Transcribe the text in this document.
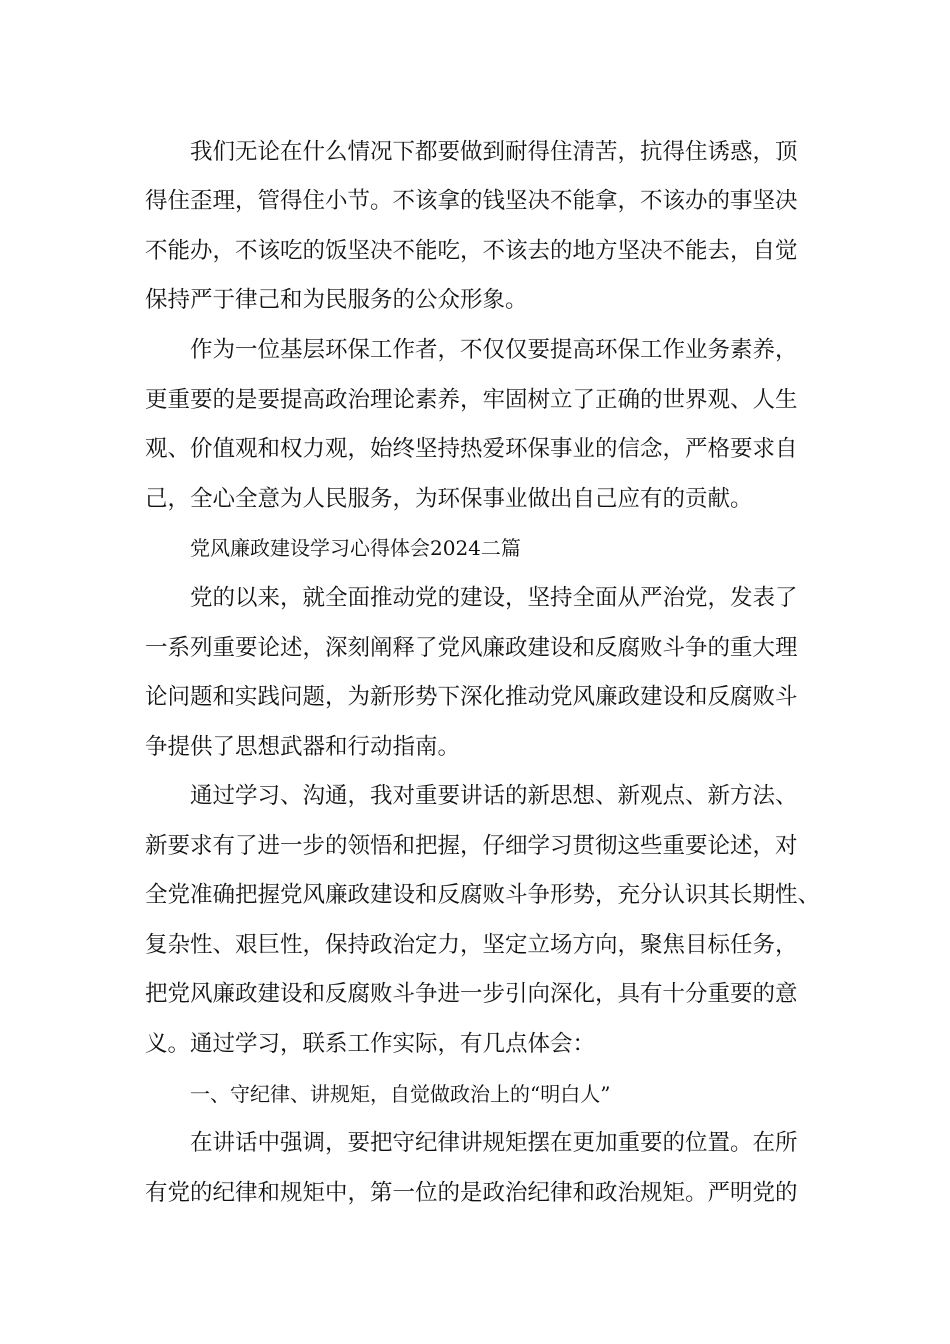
我们无论在什么情况下都要做到耐得住清苦，抗得住诱惑，顶
得住歪理，管得住小节。不该拿的钱坚决不能拿，不该办的事坚决
不能办，不该吃的饭坚决不能吃，不该去的地方坚决不能去，自觉
保持严于律己和为民服务的公众形象。
作为一位基层环保工作者，不仅仅要提高环保工作业务素养，
更重要的是要提高政治理论素养，牢固树立了正确的世界观、人生
观、价值观和权力观，始终坚持热爱环保事业的信念，严格要求自
己，全心全意为人民服务，为环保事业做出自己应有的贡献。
党风廉政建设学习心得体会2024二篇
党的以来，就全面推动党的建设，坚持全面从严治党，发表了
一系列重要论述，深刻阐释了党风廉政建设和反腐败斗争的重大理
论问题和实践问题，为新形势下深化推动党风廉政建设和反腐败斗
争提供了思想武器和行动指南。
通过学习、沟通，我对重要讲话的新思想、新观点、新方法、
新要求有了进一步的领悟和把握，仔细学习贯彻这些重要论述，对
全党准确把握党风廉政建设和反腐败斗争形势，充分认识其长期性、
复杂性、艰巨性，保持政治定力，坚定立场方向，聚焦目标任务，
把党风廉政建设和反腐败斗争进一步引向深化，具有十分重要的意
义。通过学习，联系工作实际，有几点体会：
一、守纪律、讲规矩，自觉做政治上的“明白人”
在讲话中强调，要把守纪律讲规矩摆在更加重要的位置。在所
有党的纪律和规矩中，第一位的是政治纪律和政治规矩。严明党的
